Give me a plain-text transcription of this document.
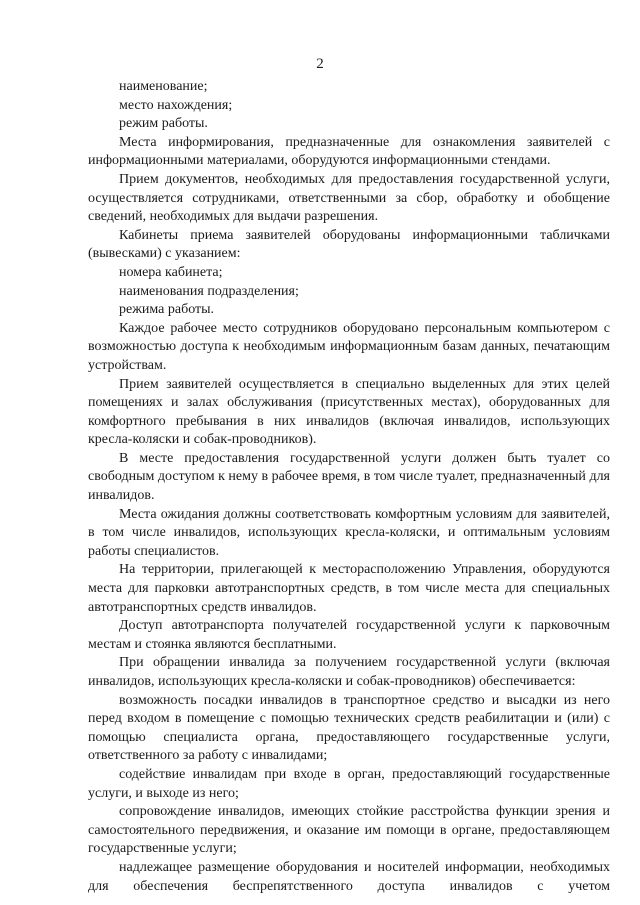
2

наименование;

место нахождения;

режим работы.

Места информирования, предназначенные для ознакомления заявителей с информационными материалами, оборудуются информационными стендами.

Прием документов, необходимых для предоставления государственной услуги, осуществляется сотрудниками, ответственными за сбор, обработку и обобщение сведений, необходимых для выдачи разрешения.

Кабинеты приема заявителей оборудованы информационными табличками (вывесками) с указанием:

номера кабинета;

наименования подразделения;

режима работы.

Каждое рабочее место сотрудников оборудовано персональным компьютером с возможностью доступа к необходимым информационным базам данных, печатающим устройствам.

Прием заявителей осуществляется в специально выделенных для этих целей помещениях и залах обслуживания (присутственных местах), оборудованных для комфортного пребывания в них инвалидов (включая инвалидов, использующих кресла-коляски и собак-проводников).

В месте предоставления государственной услуги должен быть туалет со свободным доступом к нему в рабочее время, в том числе туалет, предназначенный для инвалидов.

Места ожидания должны соответствовать комфортным условиям для заявителей, в том числе инвалидов, использующих кресла-коляски, и оптимальным условиям работы специалистов.

На территории, прилегающей к месторасположению Управления, оборудуются места для парковки автотранспортных средств, в том числе места для специальных автотранспортных средств инвалидов.

Доступ автотранспорта получателей государственной услуги к парковочным местам и стоянка являются бесплатными.

При обращении инвалида за получением государственной услуги (включая инвалидов, использующих кресла-коляски и собак-проводников) обеспечивается:

возможность посадки инвалидов в транспортное средство и высадки из него перед входом в помещение с помощью технических средств реабилитации и (или) с помощью специалиста органа, предоставляющего государственные услуги, ответственного за работу с инвалидами;

содействие инвалидам при входе в орган, предоставляющий государственные услуги, и выходе из него;

сопровождение инвалидов, имеющих стойкие расстройства функции зрения и самостоятельного передвижения, и оказание им помощи в органе, предоставляющем государственные услуги;

надлежащее размещение оборудования и носителей информации, необходимых для обеспечения беспрепятственного доступа инвалидов с учетом
